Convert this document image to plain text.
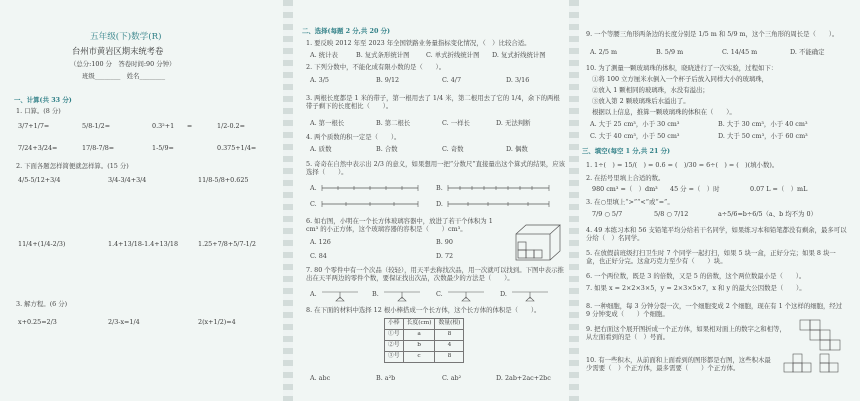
五年级(下)数学(R)
台州市黄岩区期末统考卷
（总分:100 分　答卷时间:90 分钟）
班级________　姓名________
一、计算(共 33 分)
1. 口算。(8 分)
3/7+1/7=	5/8-1/2=	0.3²+1　　=	1/2-0.2=
7/24+3/24=	17/8-7/8=	1-5/9=	0.375+1/4=
2. 下面各题怎样简便就怎样算。(15 分)
4/5-5/12+3/4	3/4-3/4+3/4	11/8-5/8+0.625
11/4+(1/4-2/3)	1.4+13/18-1.4+13/18	1.25+7/8+5/7-1/2
3. 解方程。(6 分)
x+0.25=2/3	2/3-x=1/4	2(x+1/2)=4
二、选择(每题 2 分,共 20 分)
1. 要反映 2012 年至 2023 年全国铁路业务量指标变化情况，（　）比较合适。
A. 统计表	B. 复式条形统计图	C. 单式折线统计图 D. 复式折线统计图
2. 下列分数中，不能化成有限小数的是（　　）。
A. 3/5	B. 9/12	C. 4/7	D. 3/16
3. 两根长度都是 1 米的带子，第一根用去了 1/4 米，第二根用去了它的 1/4，余下的两根带子剩下的长度相比（　　）。
A. 第一根长	B. 第二根长	C. 一样长	D. 无法判断
4. 两个质数的积一定是（　　）。
A. 质数	B. 合数	C. 奇数	D. 偶数
5. 奇奇在自然中表示出 2/3 的意义，如果想用一把“分数尺”直接量出这个算式的结果，应该选择（　　）。
A.	B.
C.	D.
6. 如右图，小明在一个长方体玻璃容器中，放进了若干个体积为 1 cm³ 的小正方体，这个玻璃容器的容积是（　　）cm³。
A. 126	B. 90
C. 84	D. 72
7. 80 个零件中有一个次品（较轻），用天平去称找次品，用一次就可以找到。下图中表示推出在天平两边的零件个数，要保证找出次品，次数最少的方法是（　　）。
A.	B.	C.	D.
8. 在下面的材料中选择 12 根小棒搭成一个长方体，这个长方体的体积是（　　）。
小棒	长度(cm)	数量(根)
①号	a	8
②号	b	4
③号	c	8
A. abc	B. a²b	C. ab²	D. 2ab+2ac+2bc
9. 一个等腰三角形两条边的长度分别是 1/5 m 和 5/9 m，这个三角形的周长是（　　）。
A. 2/5 m	B. 5/9 m	C. 14/45 m	D. 不能确定
10. 为了测量一颗玻璃珠的体积，晓晓进行了一次实验，过程如下：
①将 100 立方厘米水倒入一个杯子后放入同样大小的玻璃珠，
②放入 1 颗相同的玻璃珠，水没有溢出；
③放入第 2 颗玻璃珠后水溢出了。
根据以上信息，推算一颗玻璃珠的体积在（　　）。
A. 大于 25 cm³，小于 30 cm³	B. 大于 30 cm³，小于 40 cm³
C. 大于 40 cm³，小于 50 cm³	D. 大于 50 cm³，小于 60 cm³
三、填空(每空 1 分,共 21 分)
1. 1÷(　) = 15/(　) = 0.6 = (　)/30 = 6÷(　) = (　)(填小数)。
2. 在括号里填上合适的数。
980 cm³ =（　）dm³ 45 分 =（　）时	0.07 L =（　）mL
3. 在○里填上“>”“<”或“=”。
7/9 ○ 5/7	5/8 ○ 7/12	a÷5/6=b÷6/5（a、b 均不为 0）
4. 49 本练习本和 56 支铅笔平均分给若干名同学，如果练习本和铅笔都没有剩余，最多可以分给（　）名同学。
5. 在放假前班级打扫卫生时 7 个同学一起打扫，如果 5 块一盒，正好分完；如果 8 块一盒，也正好分完。这盒巧克力至少有（　　）块。
6. 一个两位数，既是 3 的倍数，又是 5 的倍数，这个两位数最小是（　　）。
7. 如果 x = 2×2×3×5，y = 2×3×5×7，x 和 y 的最大公因数是（　　）。
8. 一种细胞，每 3 分钟分裂一次，一个细胞变成 2 个细胞，现在有 1 个这样的细胞，经过 9 分钟变成（　　）个细胞。
9. 把右面这个展开图折成一个正方体，如果相对面上的数字之和相等，从左面看到的是（　）号面。
10. 有一些积木，从前面和上面看到的图形都是右图，这些积木最少需要（　）个正方体，最多需要（　　）个正方体。
